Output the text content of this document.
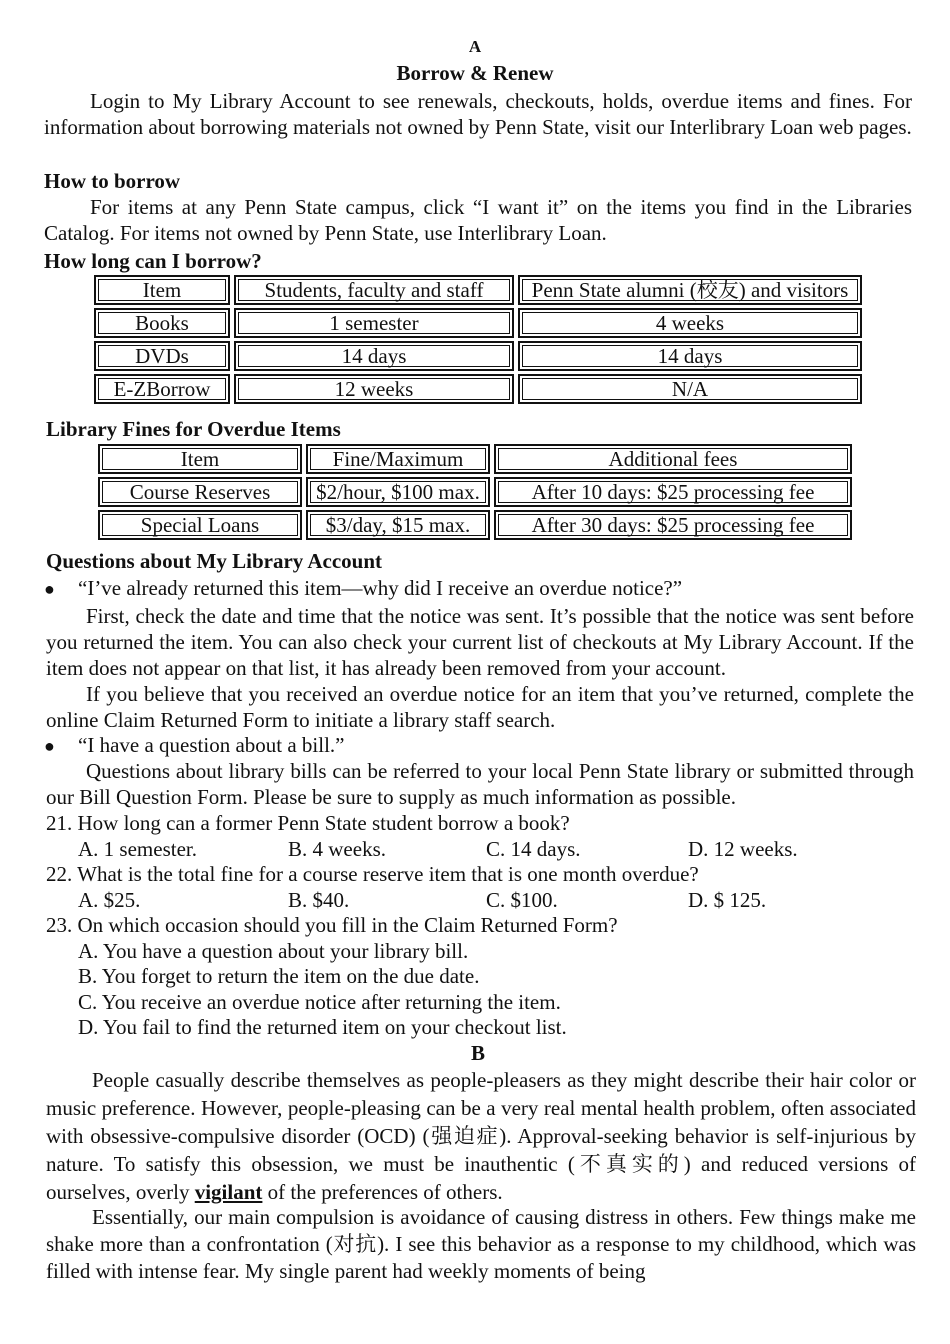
A
Borrow & Renew
Login to My Library Account to see renewals, checkouts, holds, overdue items and fines. For information about borrowing materials not owned by Penn State, visit our Interlibrary Loan web pages.
How to borrow
For items at any Penn State campus, click “I want it” on the items you find in the Libraries Catalog. For items not owned by Penn State, use Interlibrary Loan.
How long can I borrow?
Item	Students, faculty and staff	Penn State alumni (校友) and visitors
Books	1 semester	4 weeks
DVDs	14 days	14 days
E-ZBorrow	12 weeks	N/A
Library Fines for Overdue Items
Item	Fine/Maximum	Additional fees
Course Reserves	$2/hour, $100 max.	After 10 days: $25 processing fee
Special Loans	$3/day, $15 max.	After 30 days: $25 processing fee
Questions about My Library Account
● “I’ve already returned this item—why did I receive an overdue notice?”
First, check the date and time that the notice was sent. It’s possible that the notice was sent before you returned the item. You can also check your current list of checkouts at My Library Account. If the item does not appear on that list, it has already been removed from your account.
If you believe that you received an overdue notice for an item that you’ve returned, complete the online Claim Returned Form to initiate a library staff search.
● “I have a question about a bill.”
Questions about library bills can be referred to your local Penn State library or submitted through our Bill Question Form. Please be sure to supply as much information as possible.
21. How long can a former Penn State student borrow a book?
A. 1 semester.	B. 4 weeks.	C. 14 days.	D. 12 weeks.
22. What is the total fine for a course reserve item that is one month overdue?
A. $25.	B. $40.	C. $100.	D. $ 125.
23. On which occasion should you fill in the Claim Returned Form?
A. You have a question about your library bill.
B. You forget to return the item on the due date.
C. You receive an overdue notice after returning the item.
D. You fail to find the returned item on your checkout list.
B
People casually describe themselves as people-pleasers as they might describe their hair color or music preference. However, people-pleasing can be a very real mental health problem, often associated with obsessive-compulsive disorder (OCD) (强迫症). Approval-seeking behavior is self-injurious by nature. To satisfy this obsession, we must be inauthentic (不真实的) and reduced versions of ourselves, overly vigilant of the preferences of others.
Essentially, our main compulsion is avoidance of causing distress in others. Few things make me shake more than a confrontation (对抗). I see this behavior as a response to my childhood, which was filled with intense fear. My single parent had weekly moments of being
